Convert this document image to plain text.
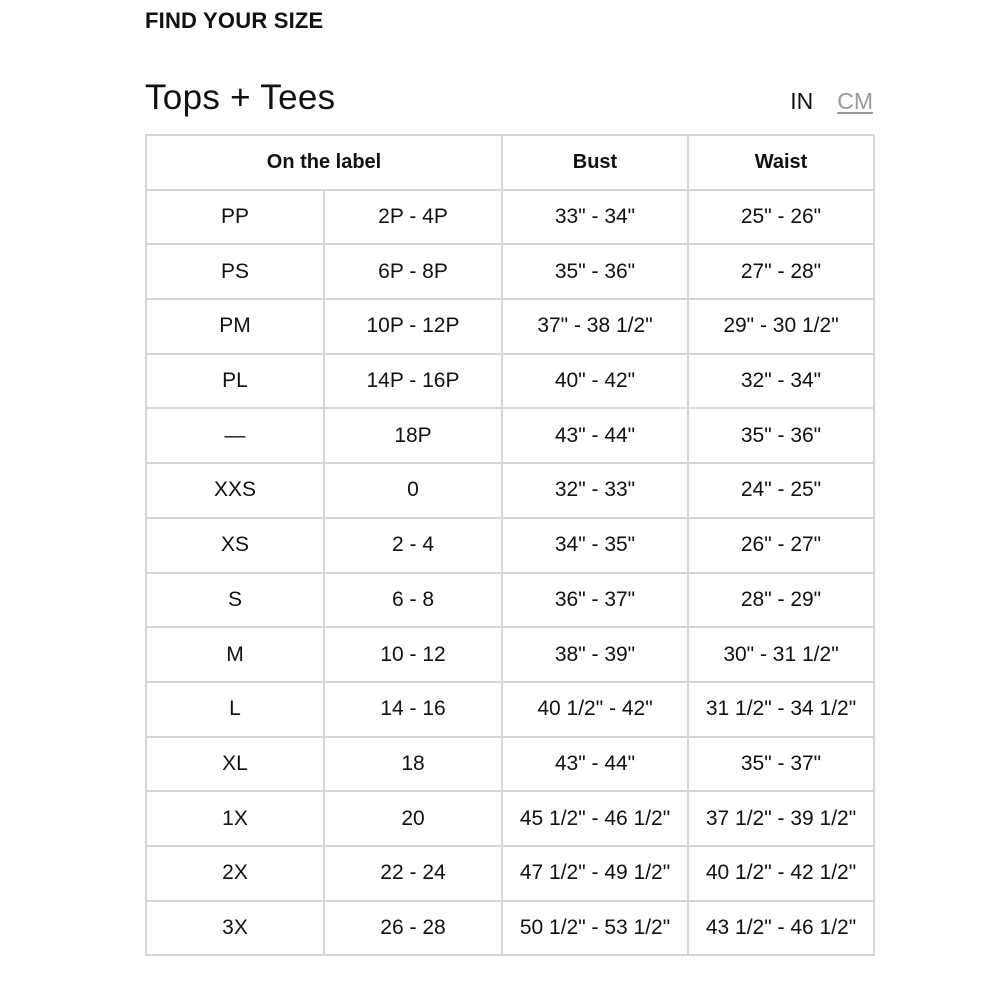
FIND YOUR SIZE
Tops + Tees	IN CM
On the label		Bust	Waist
PP	2P - 4P	33" - 34"	25" - 26"
PS	6P - 8P	35" - 36"	27" - 28"
PM	10P - 12P	37" - 38 1/2"	29" - 30 1/2"
PL	14P - 16P	40" - 42"	32" - 34"
—	18P	43" - 44"	35" - 36"
XXS	0	32" - 33"	24" - 25"
XS	2 - 4	34" - 35"	26" - 27"
S	6 - 8	36" - 37"	28" - 29"
M	10 - 12	38" - 39"	30" - 31 1/2"
L	14 - 16	40 1/2" - 42"	31 1/2" - 34 1/2"
XL	18	43" - 44"	35" - 37"
1X	20	45 1/2" - 46 1/2"	37 1/2" - 39 1/2"
2X	22 - 24	47 1/2" - 49 1/2"	40 1/2" - 42 1/2"
3X	26 - 28	50 1/2" - 53 1/2"	43 1/2" - 46 1/2"
